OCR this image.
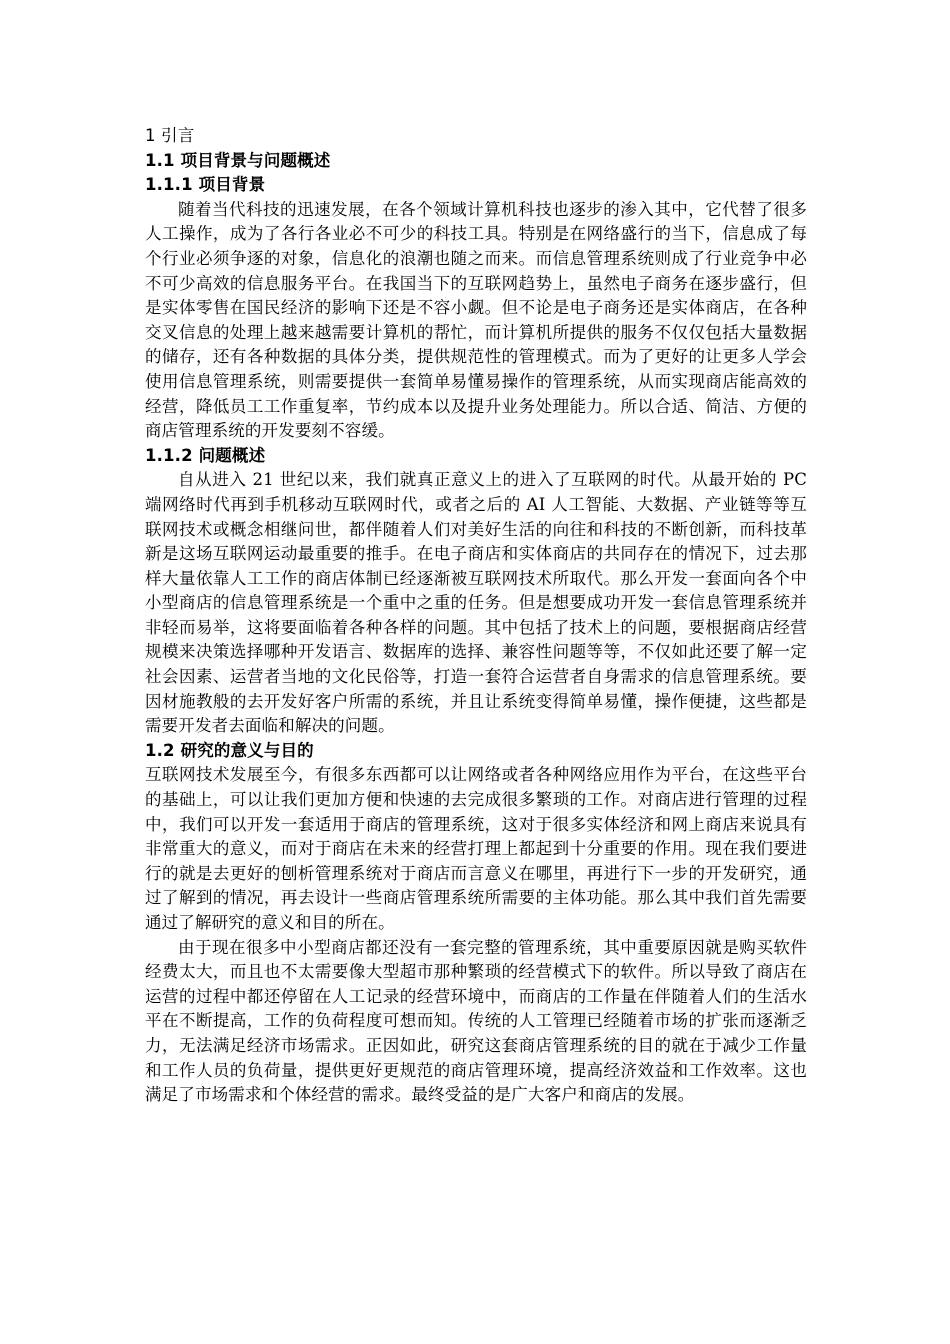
1 引言
1.1 项目背景与问题概述
1.1.1 项目背景

随着当代科技的迅速发展，在各个领域计算机科技也逐步的渗入其中，它代替了很多人工操作，成为了各行各业必不可少的科技工具。特别是在网络盛行的当下，信息成了每个行业必须争逐的对象，信息化的浪潮也随之而来。而信息管理系统则成了行业竞争中必不可少高效的信息服务平台。在我国当下的互联网趋势上，虽然电子商务在逐步盛行，但是实体零售在国民经济的影响下还是不容小觑。但不论是电子商务还是实体商店，在各种交叉信息的处理上越来越需要计算机的帮忙，而计算机所提供的服务不仅仅包括大量数据的储存，还有各种数据的具体分类，提供规范性的管理模式。而为了更好的让更多人学会使用信息管理系统，则需要提供一套简单易懂易操作的管理系统，从而实现商店能高效的经营，降低员工工作重复率，节约成本以及提升业务处理能力。所以合适、简洁、方便的商店管理系统的开发要刻不容缓。

1.1.2 问题概述

自从进入 21 世纪以来，我们就真正意义上的进入了互联网的时代。从最开始的 PC 端网络时代再到手机移动互联网时代，或者之后的 AI 人工智能、大数据、产业链等等互联网技术或概念相继问世，都伴随着人们对美好生活的向往和科技的不断创新，而科技革新是这场互联网运动最重要的推手。在电子商店和实体商店的共同存在的情况下，过去那样大量依靠人工工作的商店体制已经逐渐被互联网技术所取代。那么开发一套面向各个中小型商店的信息管理系统是一个重中之重的任务。但是想要成功开发一套信息管理系统并非轻而易举，这将要面临着各种各样的问题。其中包括了技术上的问题，要根据商店经营规模来决策选择哪种开发语言、数据库的选择、兼容性问题等等，不仅如此还要了解一定社会因素、运营者当地的文化民俗等，打造一套符合运营者自身需求的信息管理系统。要因材施教般的去开发好客户所需的系统，并且让系统变得简单易懂，操作便捷，这些都是需要开发者去面临和解决的问题。

1.2 研究的意义与目的

互联网技术发展至今，有很多东西都可以让网络或者各种网络应用作为平台，在这些平台的基础上，可以让我们更加方便和快速的去完成很多繁琐的工作。对商店进行管理的过程中，我们可以开发一套适用于商店的管理系统，这对于很多实体经济和网上商店来说具有非常重大的意义，而对于商店在未来的经营打理上都起到十分重要的作用。现在我们要进行的就是去更好的刨析管理系统对于商店而言意义在哪里，再进行下一步的开发研究，通过了解到的情况，再去设计一些商店管理系统所需要的主体功能。那么其中我们首先需要通过了解研究的意义和目的所在。

由于现在很多中小型商店都还没有一套完整的管理系统，其中重要原因就是购买软件经费太大，而且也不太需要像大型超市那种繁琐的经营模式下的软件。所以导致了商店在运营的过程中都还停留在人工记录的经营环境中，而商店的工作量在伴随着人们的生活水平在不断提高，工作的负荷程度可想而知。传统的人工管理已经随着市场的扩张而逐渐乏力，无法满足经济市场需求。正因如此，研究这套商店管理系统的目的就在于减少工作量和工作人员的负荷量，提供更好更规范的商店管理环境，提高经济效益和工作效率。这也满足了市场需求和个体经营的需求。最终受益的是广大客户和商店的发展。
